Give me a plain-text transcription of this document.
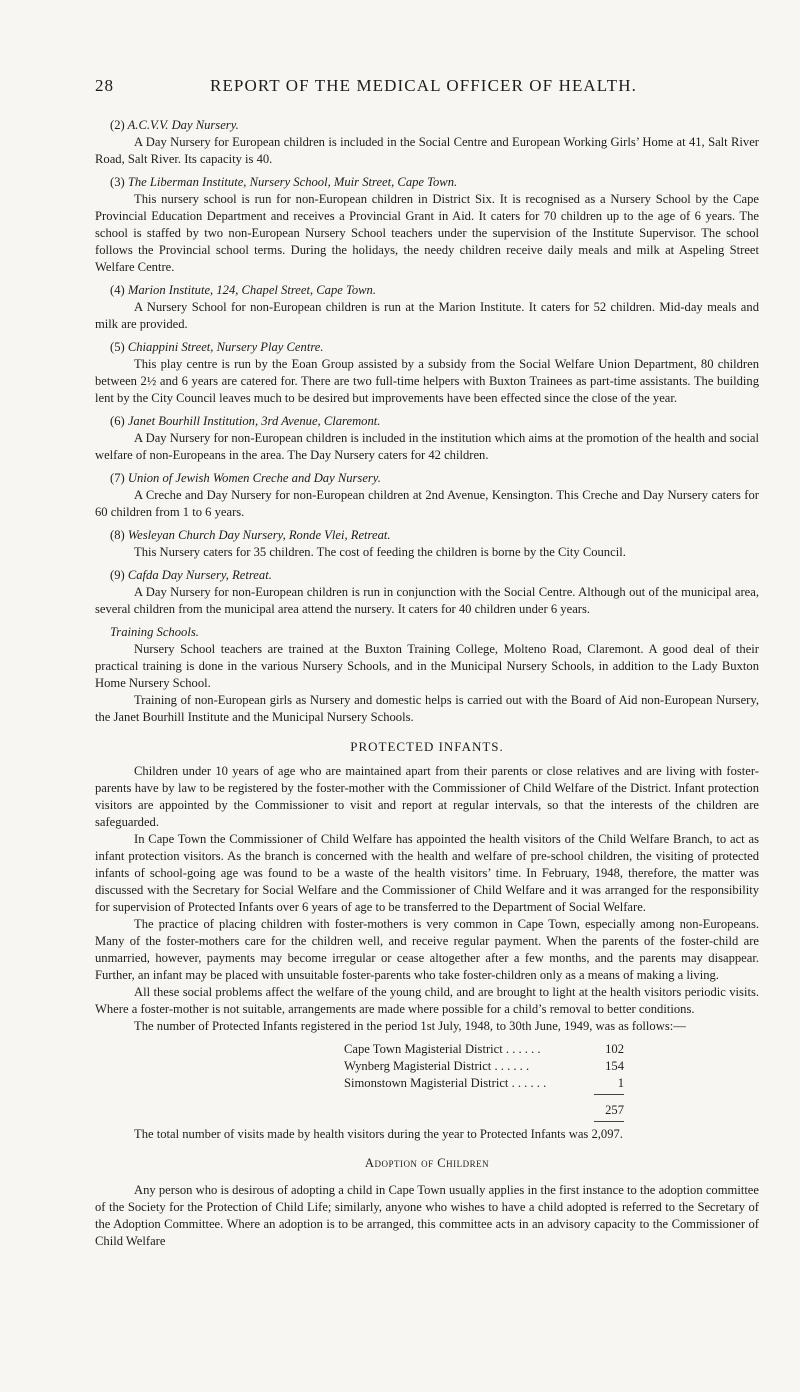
28	REPORT OF THE MEDICAL OFFICER OF HEALTH.
(2) A.C.V.V. Day Nursery.

A Day Nursery for European children is included in the Social Centre and European Working Girls’ Home at 41, Salt River Road, Salt River. Its capacity is 40.

(3) The Liberman Institute, Nursery School, Muir Street, Cape Town.

This nursery school is run for non-European children in District Six. It is recognised as a Nursery School by the Cape Provincial Education Department and receives a Provincial Grant in Aid. It caters for 70 children up to the age of 6 years. The school is staffed by two non-European Nursery School teachers under the supervision of the Institute Supervisor. The school follows the Provincial school terms. During the holidays, the needy children receive daily meals and milk at Aspeling Street Welfare Centre.

(4) Marion Institute, 124, Chapel Street, Cape Town.

A Nursery School for non-European children is run at the Marion Institute. It caters for 52 children. Mid-day meals and milk are provided.

(5) Chiappini Street, Nursery Play Centre.

This play centre is run by the Eoan Group assisted by a subsidy from the Social Welfare Union Department, 80 children between 2½ and 6 years are catered for. There are two full-time helpers with Buxton Trainees as part-time assistants. The building lent by the City Council leaves much to be desired but improvements have been effected since the close of the year.

(6) Janet Bourhill Institution, 3rd Avenue, Claremont.

A Day Nursery for non-European children is included in the institution which aims at the promotion of the health and social welfare of non-Europeans in the area. The Day Nursery caters for 42 children.

(7) Union of Jewish Women Creche and Day Nursery.

A Creche and Day Nursery for non-European children at 2nd Avenue, Kensington. This Creche and Day Nursery caters for 60 children from 1 to 6 years.

(8) Wesleyan Church Day Nursery, Ronde Vlei, Retreat.

This Nursery caters for 35 children. The cost of feeding the children is borne by the City Council.

(9) Cafda Day Nursery, Retreat.

A Day Nursery for non-European children is run in conjunction with the Social Centre. Although out of the municipal area, several children from the municipal area attend the nursery. It caters for 40 children under 6 years.

Training Schools.

Nursery School teachers are trained at the Buxton Training College, Molteno Road, Claremont. A good deal of their practical training is done in the various Nursery Schools, and in the Municipal Nursery Schools, in addition to the Lady Buxton Home Nursery School.

Training of non-European girls as Nursery and domestic helps is carried out with the Board of Aid non-European Nursery, the Janet Bourhill Institute and the Municipal Nursery Schools.

PROTECTED INFANTS.

Children under 10 years of age who are maintained apart from their parents or close relatives and are living with foster-parents have by law to be registered by the foster-mother with the Commissioner of Child Welfare of the District. Infant protection visitors are appointed by the Commissioner to visit and report at regular intervals, so that the interests of the children are safeguarded.

In Cape Town the Commissioner of Child Welfare has appointed the health visitors of the Child Welfare Branch, to act as infant protection visitors. As the branch is concerned with the health and welfare of pre-school children, the visiting of protected infants of school-going age was found to be a waste of the health visitors’ time. In February, 1948, therefore, the matter was discussed with the Secretary for Social Welfare and the Commissioner of Child Welfare and it was arranged for the responsibility for supervision of Protected Infants over 6 years of age to be transferred to the Department of Social Welfare.

The practice of placing children with foster-mothers is very common in Cape Town, especially among non-Europeans. Many of the foster-mothers care for the children well, and receive regular payment. When the parents of the foster-child are unmarried, however, payments may become irregular or cease altogether after a few months, and the parents may disappear. Further, an infant may be placed with unsuitable foster-parents who take foster-children only as a means of making a living.

All these social problems affect the welfare of the young child, and are brought to light at the health visitors periodic visits. Where a foster-mother is not suitable, arrangements are made where possible for a child’s removal to better conditions.

The number of Protected Infants registered in the period 1st July, 1948, to 30th June, 1949, was as follows:—

Cape Town Magisterial District . . . . . .	102
Wynberg Magisterial District . . . . . .	154
Simonstown Magisterial District . . . . . .	1
257

The total number of visits made by health visitors during the year to Protected Infants was 2,097.

Adoption of Children

Any person who is desirous of adopting a child in Cape Town usually applies in the first instance to the adoption committee of the Society for the Protection of Child Life; similarly, anyone who wishes to have a child adopted is referred to the Secretary of the Adoption Committee. Where an adoption is to be arranged, this committee acts in an advisory capacity to the Commissioner of Child Welfare
